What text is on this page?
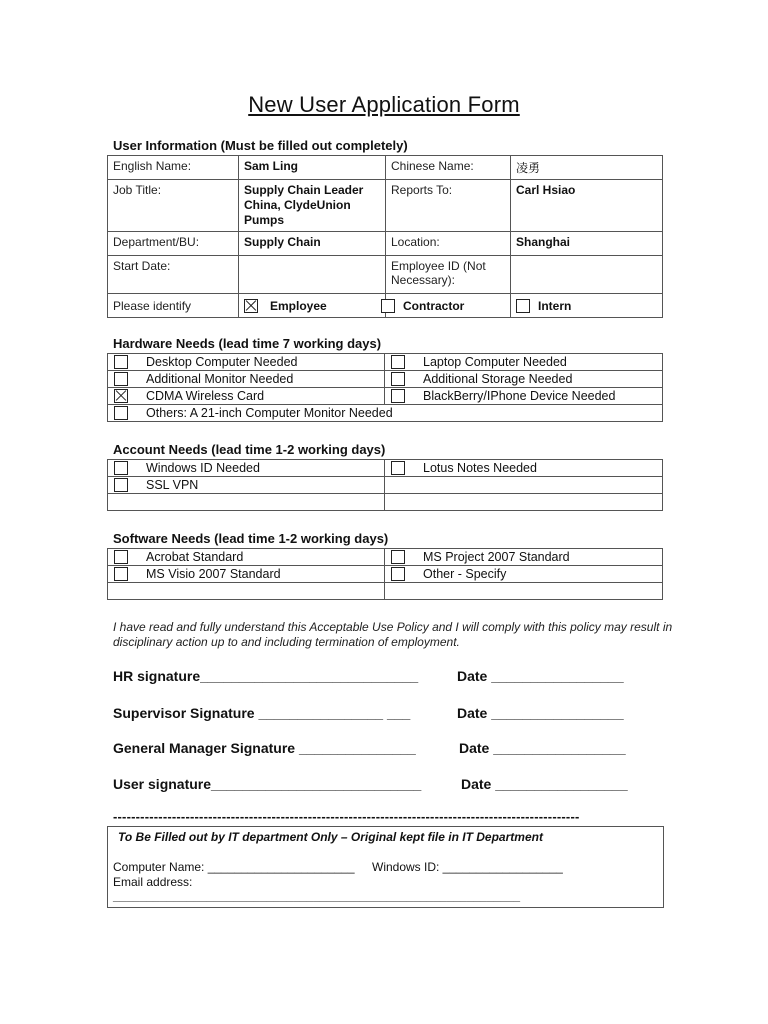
New User Application Form
User Information (Must be filled out completely)
English Name:	Sam Ling	Chinese Name:	凌勇
Job Title:	Supply Chain Leader China, ClydeUnion Pumps	Reports To:	Carl Hsiao
Department/BU:	Supply Chain	Location:	Shanghai
Start Date:		Employee ID (Not Necessary):	
Please identify	Employee	Contractor	Intern
Hardware Needs (lead time 7 working days)
Desktop Computer Needed	Laptop Computer Needed

Additional Monitor Needed	Additional Storage Needed

CDMA Wireless Card	BlackBerry/IPhone Device Needed

Others: A 21-inch Computer Monitor Needed	
Account Needs (lead time 1-2 working days)
Windows ID Needed	Lotus Notes Needed

SSL VPN	

Software Needs (lead time 1-2 working days)
Acrobat Standard	MS Project 2007 Standard

MS Visio 2007 Standard	Other - Specify

I have read and fully understand this Acceptable Use Policy and I will comply with this policy may result in disciplinary action up to and including termination of employment.
HR signature____________________________	Date _________________
Supervisor Signature ________________ ___	Date _________________
General Manager Signature _______________	Date _________________
User signature___________________________	Date _________________
-------------------------------------------------------------------------------------------------------
To Be Filled out by IT department Only – Original kept file in IT Department
Computer Name: ______________________ Windows ID: __________________
Email address:
_____________________________________________________________
